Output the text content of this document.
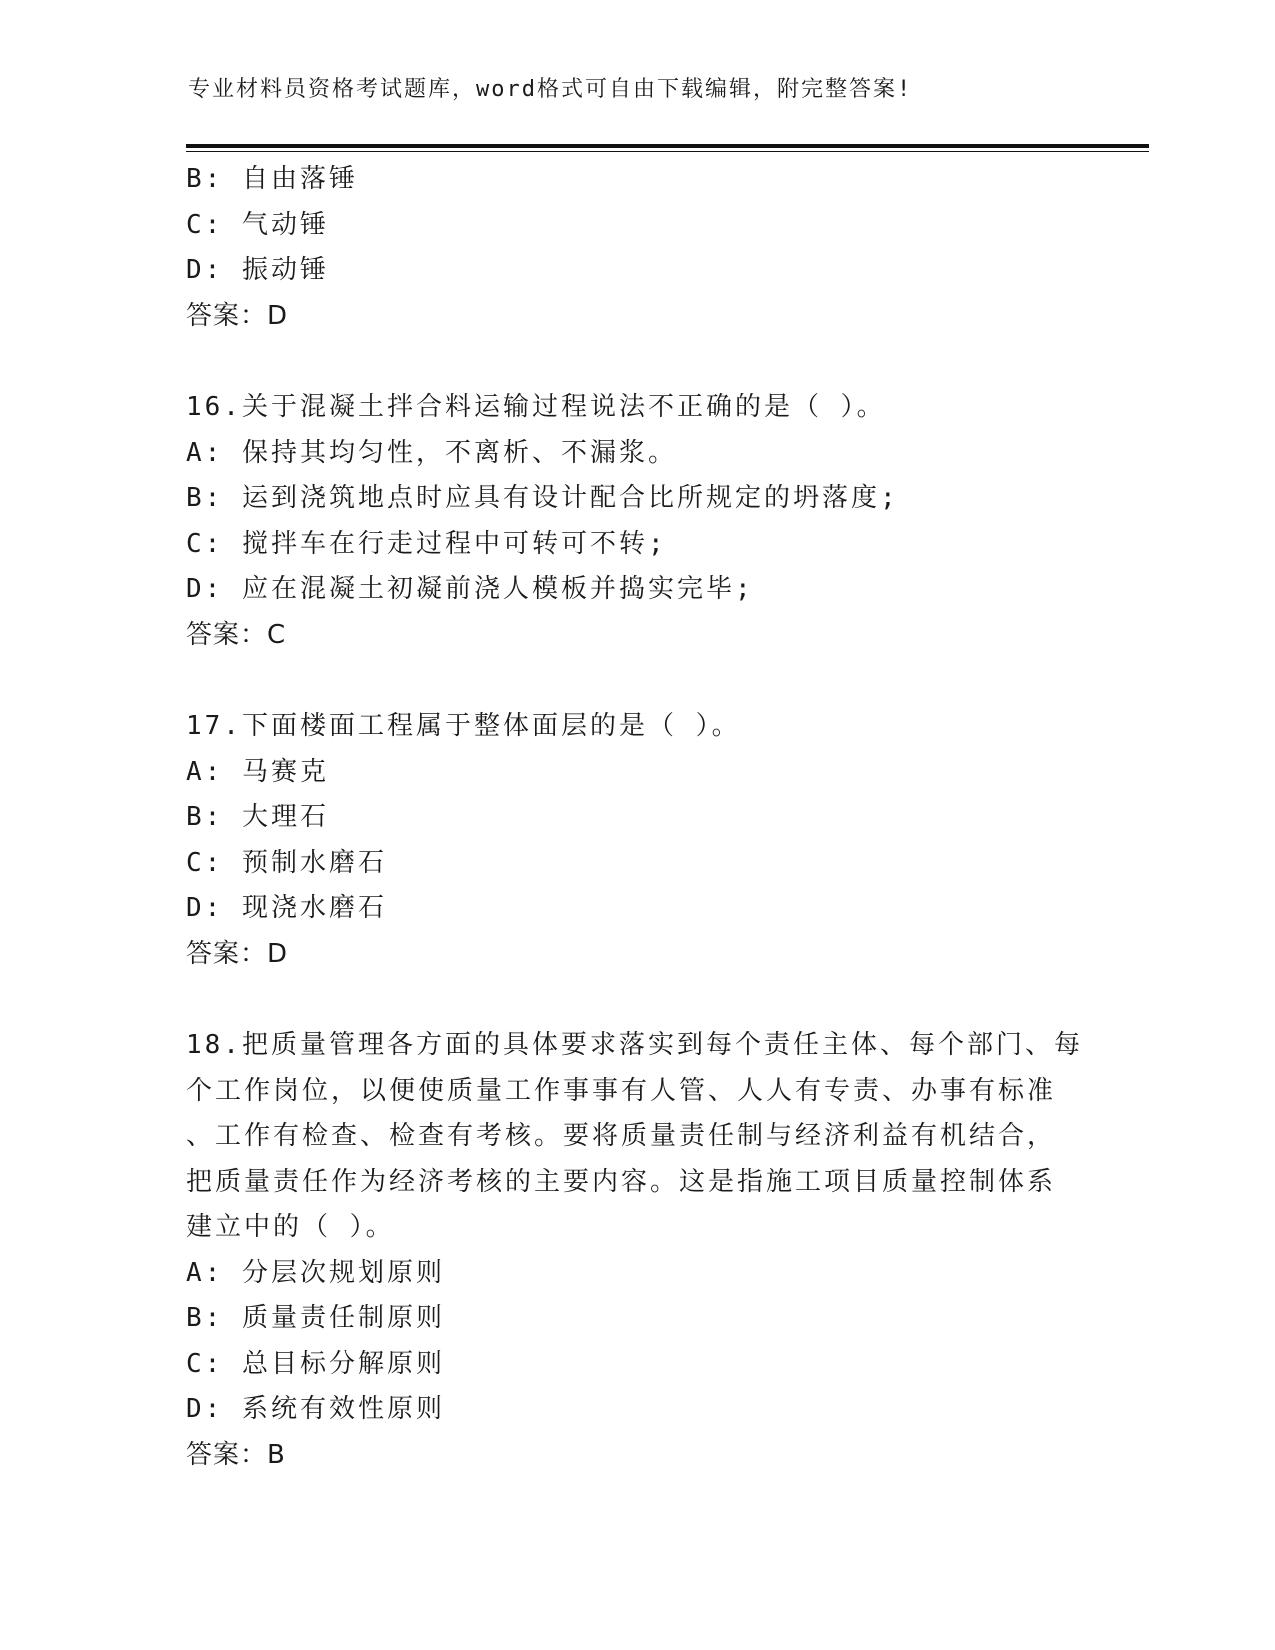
专业材料员资格考试题库，word格式可自由下载编辑，附完整答案!
B: 自由落锤
C: 气动锤
D: 振动锤
答案：D
16.关于混凝土拌合料运输过程说法不正确的是（ ）。
A: 保持其均匀性，不离析、不漏浆。
B: 运到浇筑地点时应具有设计配合比所规定的坍落度;
C: 搅拌车在行走过程中可转可不转;
D: 应在混凝土初凝前浇人模板并捣实完毕;
答案：C
17.下面楼面工程属于整体面层的是（ ）。
A: 马赛克
B: 大理石
C: 预制水磨石
D: 现浇水磨石
答案：D
18.把质量管理各方面的具体要求落实到每个责任主体、每个部门、每
个工作岗位，以便使质量工作事事有人管、人人有专责、办事有标准
、工作有检查、检查有考核。要将质量责任制与经济利益有机结合，
把质量责任作为经济考核的主要内容。这是指施工项目质量控制体系
建立中的（ ）。
A: 分层次规划原则
B: 质量责任制原则
C: 总目标分解原则
D: 系统有效性原则
答案：B
